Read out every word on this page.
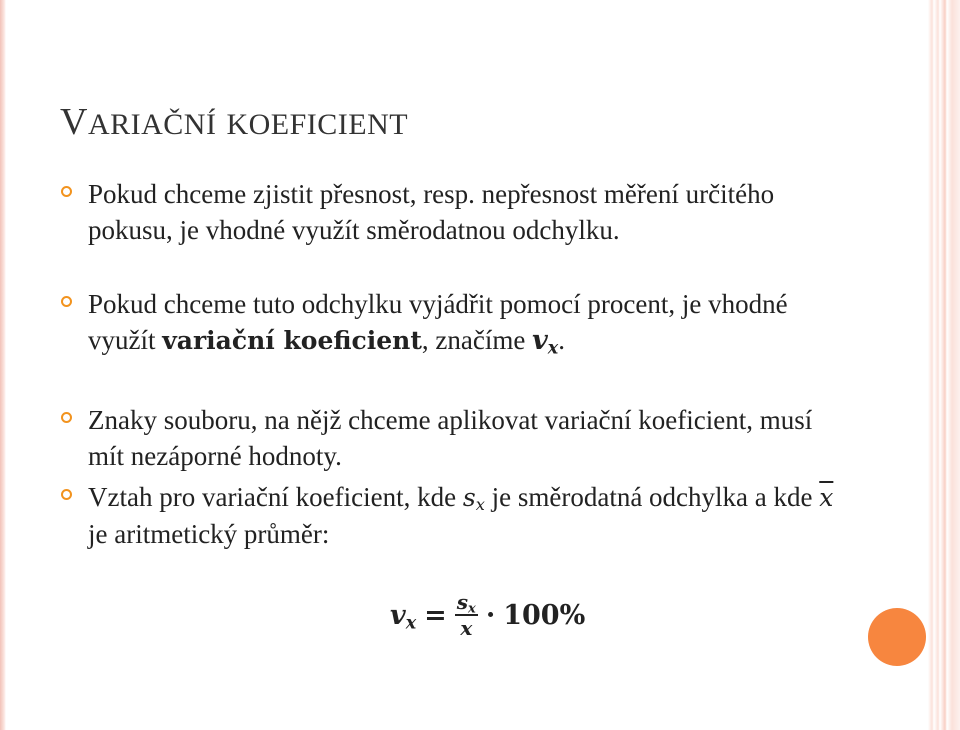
VARIAČNÍ KOEFICIENT

Pokud chceme zjistit přesnost, resp. nepřesnost měření určitého pokusu, je vhodné využít směrodatnou odchylku.

Pokud chceme tuto odchylku vyjádřit pomocí procent, je vhodné využít variační koeficient, značíme $v_x$.

Znaky souboru, na nějž chceme aplikovat variační koeficient, musí mít nezáporné hodnoty.

Vztah pro variační koeficient, kde $s_x$ je směrodatná odchylka a kde $\overline{x}$ je aritmetický průměr:

$v_x = \frac{s_x}{x} \cdot 100\%$
